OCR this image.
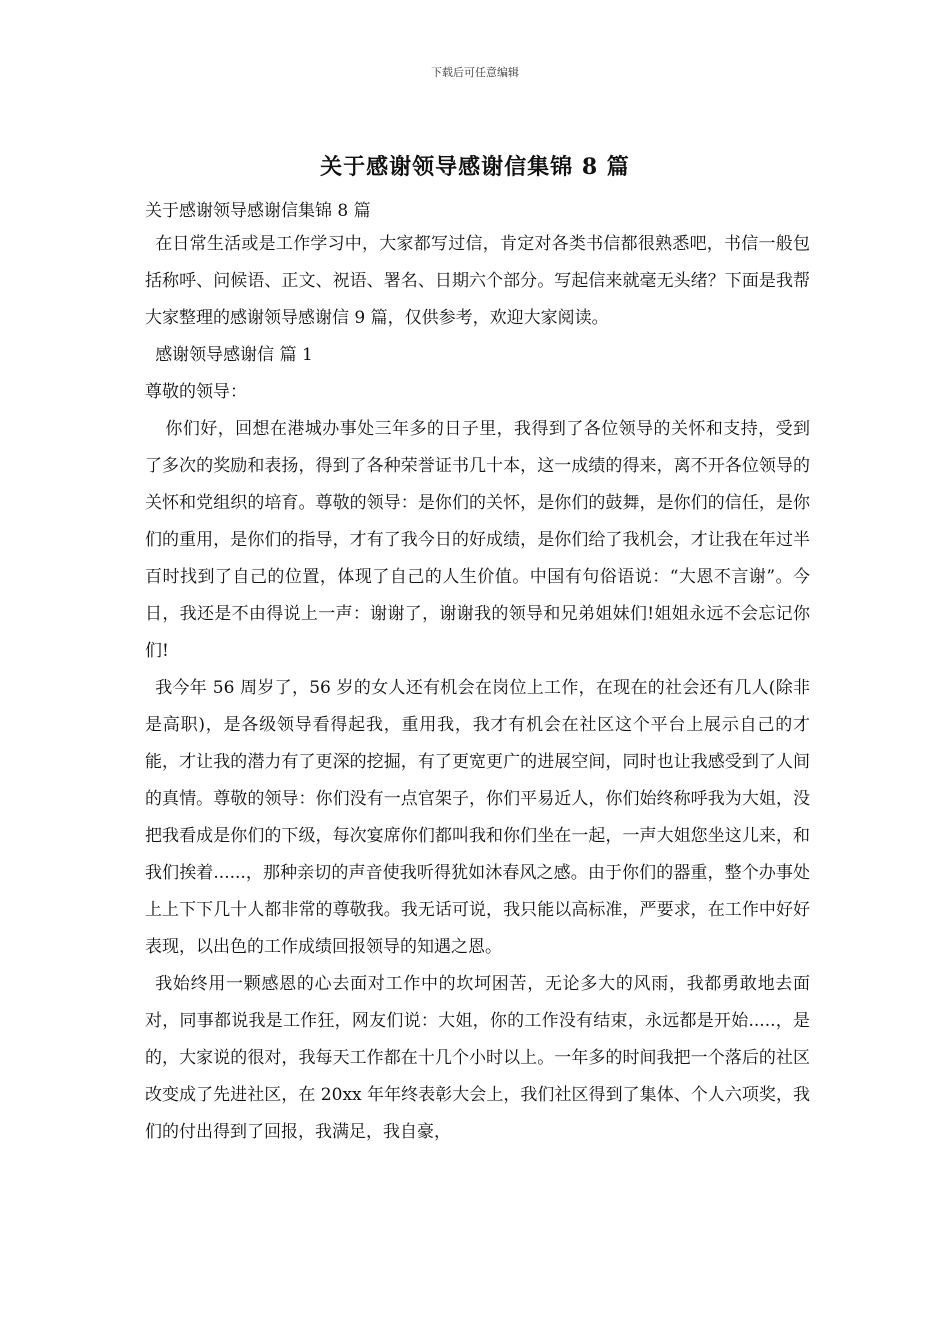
下载后可任意编辑
关于感谢领导感谢信集锦 8 篇

关于感谢领导感谢信集锦 8 篇

在日常生活或是工作学习中，大家都写过信，肯定对各类书信都很熟悉吧，书信一般包括称呼、问候语、正文、祝语、署名、日期六个部分。写起信来就毫无头绪？下面是我帮大家整理的感谢领导感谢信 9 篇，仅供参考，欢迎大家阅读。

感谢领导感谢信 篇 1

尊敬的领导：

你们好，回想在港城办事处三年多的日子里，我得到了各位领导的关怀和支持，受到了多次的奖励和表扬，得到了各种荣誉证书几十本，这一成绩的得来，离不开各位领导的关怀和党组织的培育。尊敬的领导：是你们的关怀，是你们的鼓舞，是你们的信任，是你们的重用，是你们的指导，才有了我今日的好成绩，是你们给了我机会，才让我在年过半百时找到了自己的位置，体现了自己的人生价值。中国有句俗语说：“大恩不言谢”。今日，我还是不由得说上一声：谢谢了，谢谢我的领导和兄弟姐妹们!姐姐永远不会忘记你们!

我今年 56 周岁了，56 岁的女人还有机会在岗位上工作，在现在的社会还有几人(除非是高职)，是各级领导看得起我，重用我，我才有机会在社区这个平台上展示自己的才能，才让我的潜力有了更深的挖掘，有了更宽更广的进展空间，同时也让我感受到了人间的真情。尊敬的领导：你们没有一点官架子，你们平易近人，你们始终称呼我为大姐，没把我看成是你们的下级，每次宴席你们都叫我和你们坐在一起，一声大姐您坐这儿来，和我们挨着......，那种亲切的声音使我听得犹如沐春风之感。由于你们的器重，整个办事处上上下下几十人都非常的尊敬我。我无话可说，我只能以高标准，严要求，在工作中好好表现，以出色的工作成绩回报领导的知遇之恩。

我始终用一颗感恩的心去面对工作中的坎坷困苦，无论多大的风雨，我都勇敢地去面对，同事都说我是工作狂，网友们说：大姐，你的工作没有结束，永远都是开始.....，是的，大家说的很对，我每天工作都在十几个小时以上。一年多的时间我把一个落后的社区改变成了先进社区，在 20xx 年年终表彰大会上，我们社区得到了集体、个人六项奖，我们的付出得到了回报，我满足，我自豪，
